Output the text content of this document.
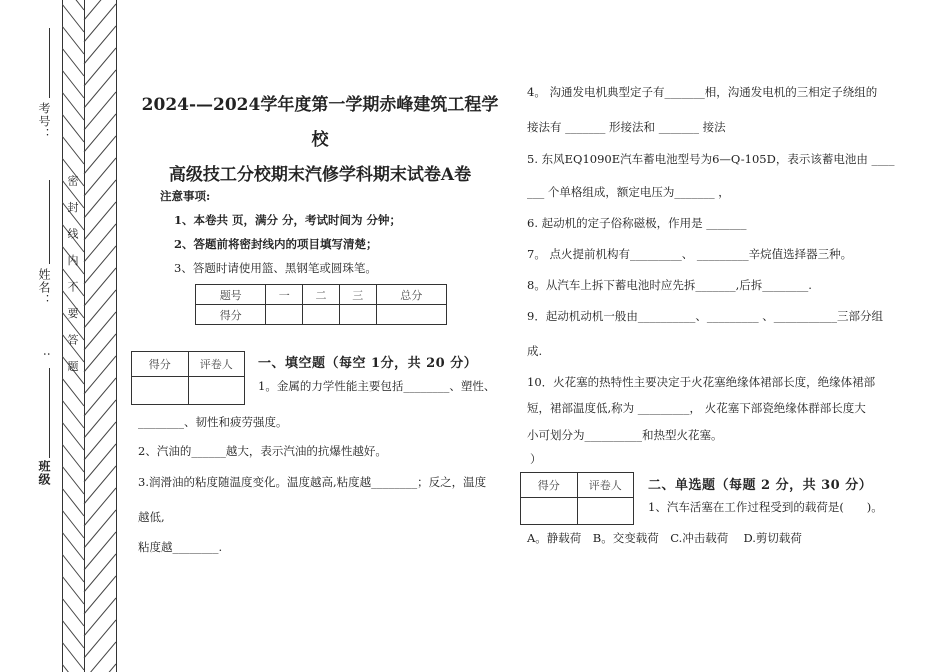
考号：
姓名：
:
班级
密 封 线 内 不 要 答 题
2024-—2024学年度第一学期赤峰建筑工程学
校
高级技工分校期末汽修学科期末试卷A卷
注意事项:
1、本卷共 页，满分 分，考试时间为 分钟；
2、答题前将密封线内的项目填写清楚；
3、答题时请使用篮、黑钢笔或圆珠笔。
题号	一	二	三	总分
得分				
得分	评卷人
	一、填空题（每空 1分，共 20 分）
1。金属的力学性能主要包括________、塑性、
________、韧性和疲劳强度。
2、汽油的______越大，表示汽油的抗爆性越好。
3.润滑油的粘度随温度变化。温度越高,粘度越________；反之，温度
越低,
粘度越________.
4。 沟通发电机典型定子有_______相，沟通发电机的三相定子绕组的
接法有 _______ 形接法和 _______ 接法
5. 东风EQ1090E汽车蓄电池型号为6—Q-105D，表示该蓄电池由 ____
___ 个单格组成，额定电压为_______ ，
6. 起动机的定子俗称磁极，作用是 _______
7。 点火提前机构有_________、 _________辛烷值选择器三种。
8。从汽车上拆下蓄电池时应先拆_______,后拆________.
9．起动机动机一般由__________、_________ 、___________三部分组
成.
10．火花塞的热特性主要决定于火花塞绝缘体裙部长度，绝缘体裙部
短，裙部温度低,称为 _________， 火花塞下部瓷绝缘体群部长度大
小可划分为__________和热型火花塞。
）
得分	评卷人
	二、单选题（每题 2 分，共 30 分）
1、汽车活塞在工作过程受到的载荷是(　　)。
A。静载荷　B。交变载荷　C.冲击载荷　 D.剪切载荷
